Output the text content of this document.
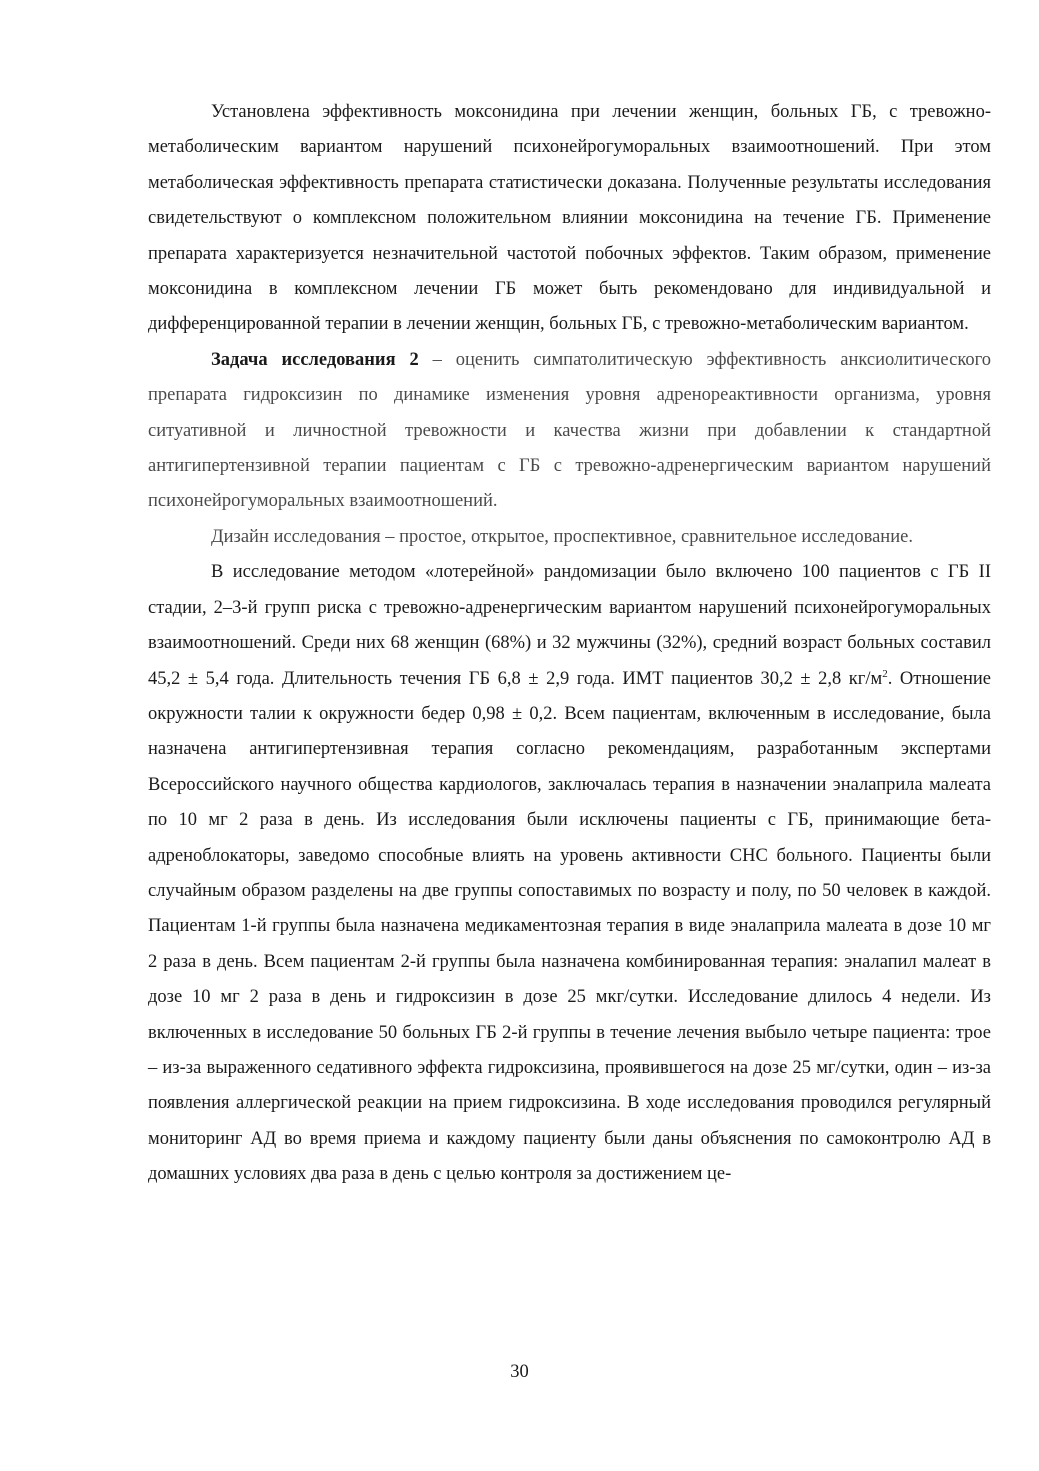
Установлена эффективность моксонидина при лечении женщин, больных ГБ, с тревожно-метаболическим вариантом нарушений психонейрогуморальных взаимоотношений. При этом метаболическая эффективность препарата статистически доказана. Полученные результаты исследования свидетельствуют о комплексном положительном влиянии моксонидина на течение ГБ. Применение препарата характеризуется незначительной частотой побочных эффектов. Таким образом, применение моксонидина в комплексном лечении ГБ может быть рекомендовано для индивидуальной и дифференцированной терапии в лечении женщин, больных ГБ, с тревожно-метаболическим вариантом.

Задача исследования 2 – оценить симпатолитическую эффективность анксиолитического препарата гидроксизин по динамике изменения уровня адренореактивности организма, уровня ситуативной и личностной тревожности и качества жизни при добавлении к стандартной антигипертензивной терапии пациентам с ГБ с тревожно-адренергическим вариантом нарушений психонейрогуморальных взаимоотношений.

Дизайн исследования – простое, открытое, проспективное, сравнительное исследование.

В исследование методом «лотерейной» рандомизации было включено 100 пациентов с ГБ II стадии, 2–3-й групп риска с тревожно-адренергическим вариантом нарушений психонейрогуморальных взаимоотношений. Среди них 68 женщин (68%) и 32 мужчины (32%), средний возраст больных составил 45,2 ± 5,4 года. Длительность течения ГБ 6,8 ± 2,9 года. ИМТ пациентов 30,2 ± 2,8 $кг/м^2$. Отношение окружности талии к окружности бедер 0,98 ± 0,2. Всем пациентам, включенным в исследование, была назначена антигипертензивная терапия согласно рекомендациям, разработанным экспертами Всероссийского научного общества кардиологов, заключалась терапия в назначении эналаприла малеата по 10 мг 2 раза в день. Из исследования были исключены пациенты с ГБ, принимающие бета-адреноблокаторы, заведомо способные влиять на уровень активности СНС больного. Пациенты были случайным образом разделены на две группы сопоставимых по возрасту и полу, по 50 человек в каждой. Пациентам 1-й группы была назначена медикаментозная терапия в виде эналаприла малеата в дозе 10 мг 2 раза в день. Всем пациентам 2-й группы была назначена комбинированная терапия: эналапил малеат в дозе 10 мг 2 раза в день и гидроксизин в дозе 25 мкг/сутки. Исследование длилось 4 недели. Из включенных в исследование 50 больных ГБ 2-й группы в течение лечения выбыло четыре пациента: трое – из-за выраженного седативного эффекта гидроксизина, проявившегося на дозе 25 мг/сутки, один – из-за появления аллергической реакции на прием гидроксизина. В ходе исследования проводился регулярный мониторинг АД во время приема и каждому пациенту были даны объяснения по самоконтролю АД в домашних условиях два раза в день с целью контроля за достижением це-

30
